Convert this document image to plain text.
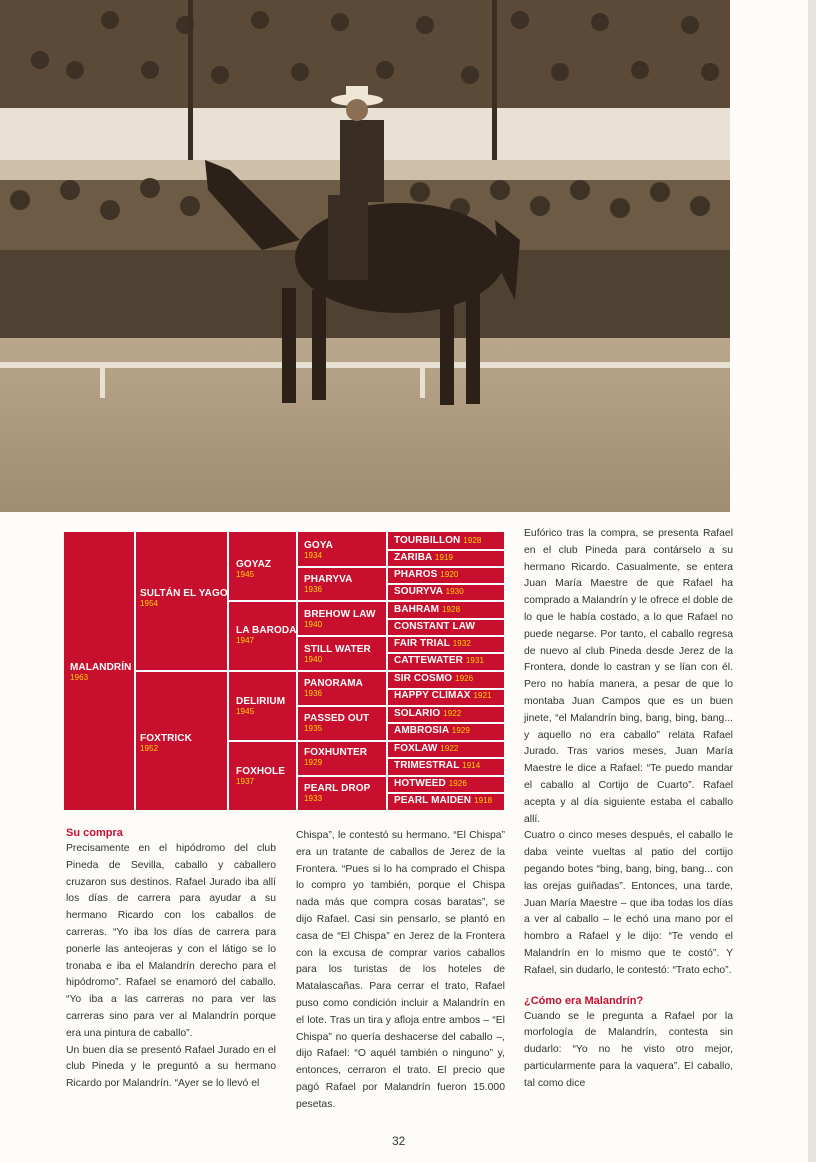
MALANDRÍN
1963
SULTÁN EL YAGO
1954
FOXTRICK
1952
GOYAZ
1945
LA BARODA
1947
DELIRIUM
1945
FOXHOLE
1937
GOYA
1934
PHARYVA
1936
BREHOW LAW
1940
STILL WATER
1940
PANORAMA
1936
PASSED OUT
1935
FOXHUNTER
1929
PEARL DROP
1933
TOURBILLON 1928
ZARIBA 1919
PHAROS 1920
SOURYVA 1930
BAHRAM 1928
CONSTANT LAW
FAIR TRIAL 1932
CATTEWATER 1931
SIR COSMO 1926
HAPPY CLIMAX 1921
SOLARIO 1922
AMBROSIA 1929
FOXLAW 1922
TRIMESTRAL 1914
HOTWEED 1926
PEARL MAIDEN 1918
Su compra

Precisamente en el hipódromo del club Pineda de Sevilla, caballo y caballero cruzaron sus destinos. Rafael Jurado iba allí los días de carrera para ayudar a su hermano Ricardo con los caballos de carreras. “Yo iba los días de carrera para ponerle las anteojeras y con el látigo se lo tronaba e iba el Malandrín derecho para el hipódromo”. Rafael se enamoró del caballo. “Yo iba a las carreras no para ver las carreras sino para ver al Malandrín porque era una pintura de caballo”.

Un buen día se presentó Rafael Jurado en el club Pineda y le preguntó a su hermano Ricardo por Malandrín. “Ayer se lo llevó el

Chispa”, le contestó su hermano. “El Chispa” era un tratante de caballos de Jerez de la Frontera. “Pues si lo ha comprado el Chispa lo compro yo también, porque el Chispa nada más que compra cosas baratas”, se dijo Rafael. Casi sin pensarlo, se plantó en casa de “El Chispa” en Jerez de la Frontera con la excusa de comprar varios caballos para los turistas de los hoteles de Matalascañas. Para cerrar el trato, Rafael puso como condición incluir a Malandrín en el lote. Tras un tira y afloja entre ambos – “El Chispa” no quería deshacerse del caballo –, dijo Rafael: “O aquél también o ninguno” y, entonces, cerraron el trato. El precio que pagó Rafael por Malandrín fueron 15.000 pesetas.

Eufórico tras la compra, se presenta Rafael en el club Pineda para contárselo a su hermano Ricardo. Casualmente, se entera Juan María Maestre de que Rafael ha comprado a Malandrín y le ofrece el doble de lo que le había costado, a lo que Rafael no puede negarse. Por tanto, el caballo regresa de nuevo al club Pineda desde Jerez de la Frontera, donde lo castran y se lían con él. Pero no había manera, a pesar de que lo montaba Juan Campos que es un buen jinete, “el Malandrín bing, bang, bing, bang... y aquello no era caballo” relata Rafael Jurado. Tras varios meses, Juan María Maestre le dice a Rafael: “Te puedo mandar el caballo al Cortijo de Cuarto”. Rafael acepta y al día siguiente estaba el caballo allí.

Cuatro o cinco meses después, el caballo le daba veinte vueltas al patio del cortijo pegando botes “bing, bang, bing, bang... con las orejas guiñadas”. Entonces, una tarde, Juan María Maestre – que iba todas los días a ver al caballo – le echó una mano por el hombro a Rafael y le dijo: “Te vendo el Malandrín en lo mismo que te costó”. Y Rafael, sin dudarlo, le contestó: “Trato echo”.

¿Cómo era Malandrín?

Cuando se le pregunta a Rafael por la morfología de Malandrín, contesta sin dudarlo: “Yo no he visto otro mejor, particularmente para la vaquera”. El caballo, tal como dice

32
